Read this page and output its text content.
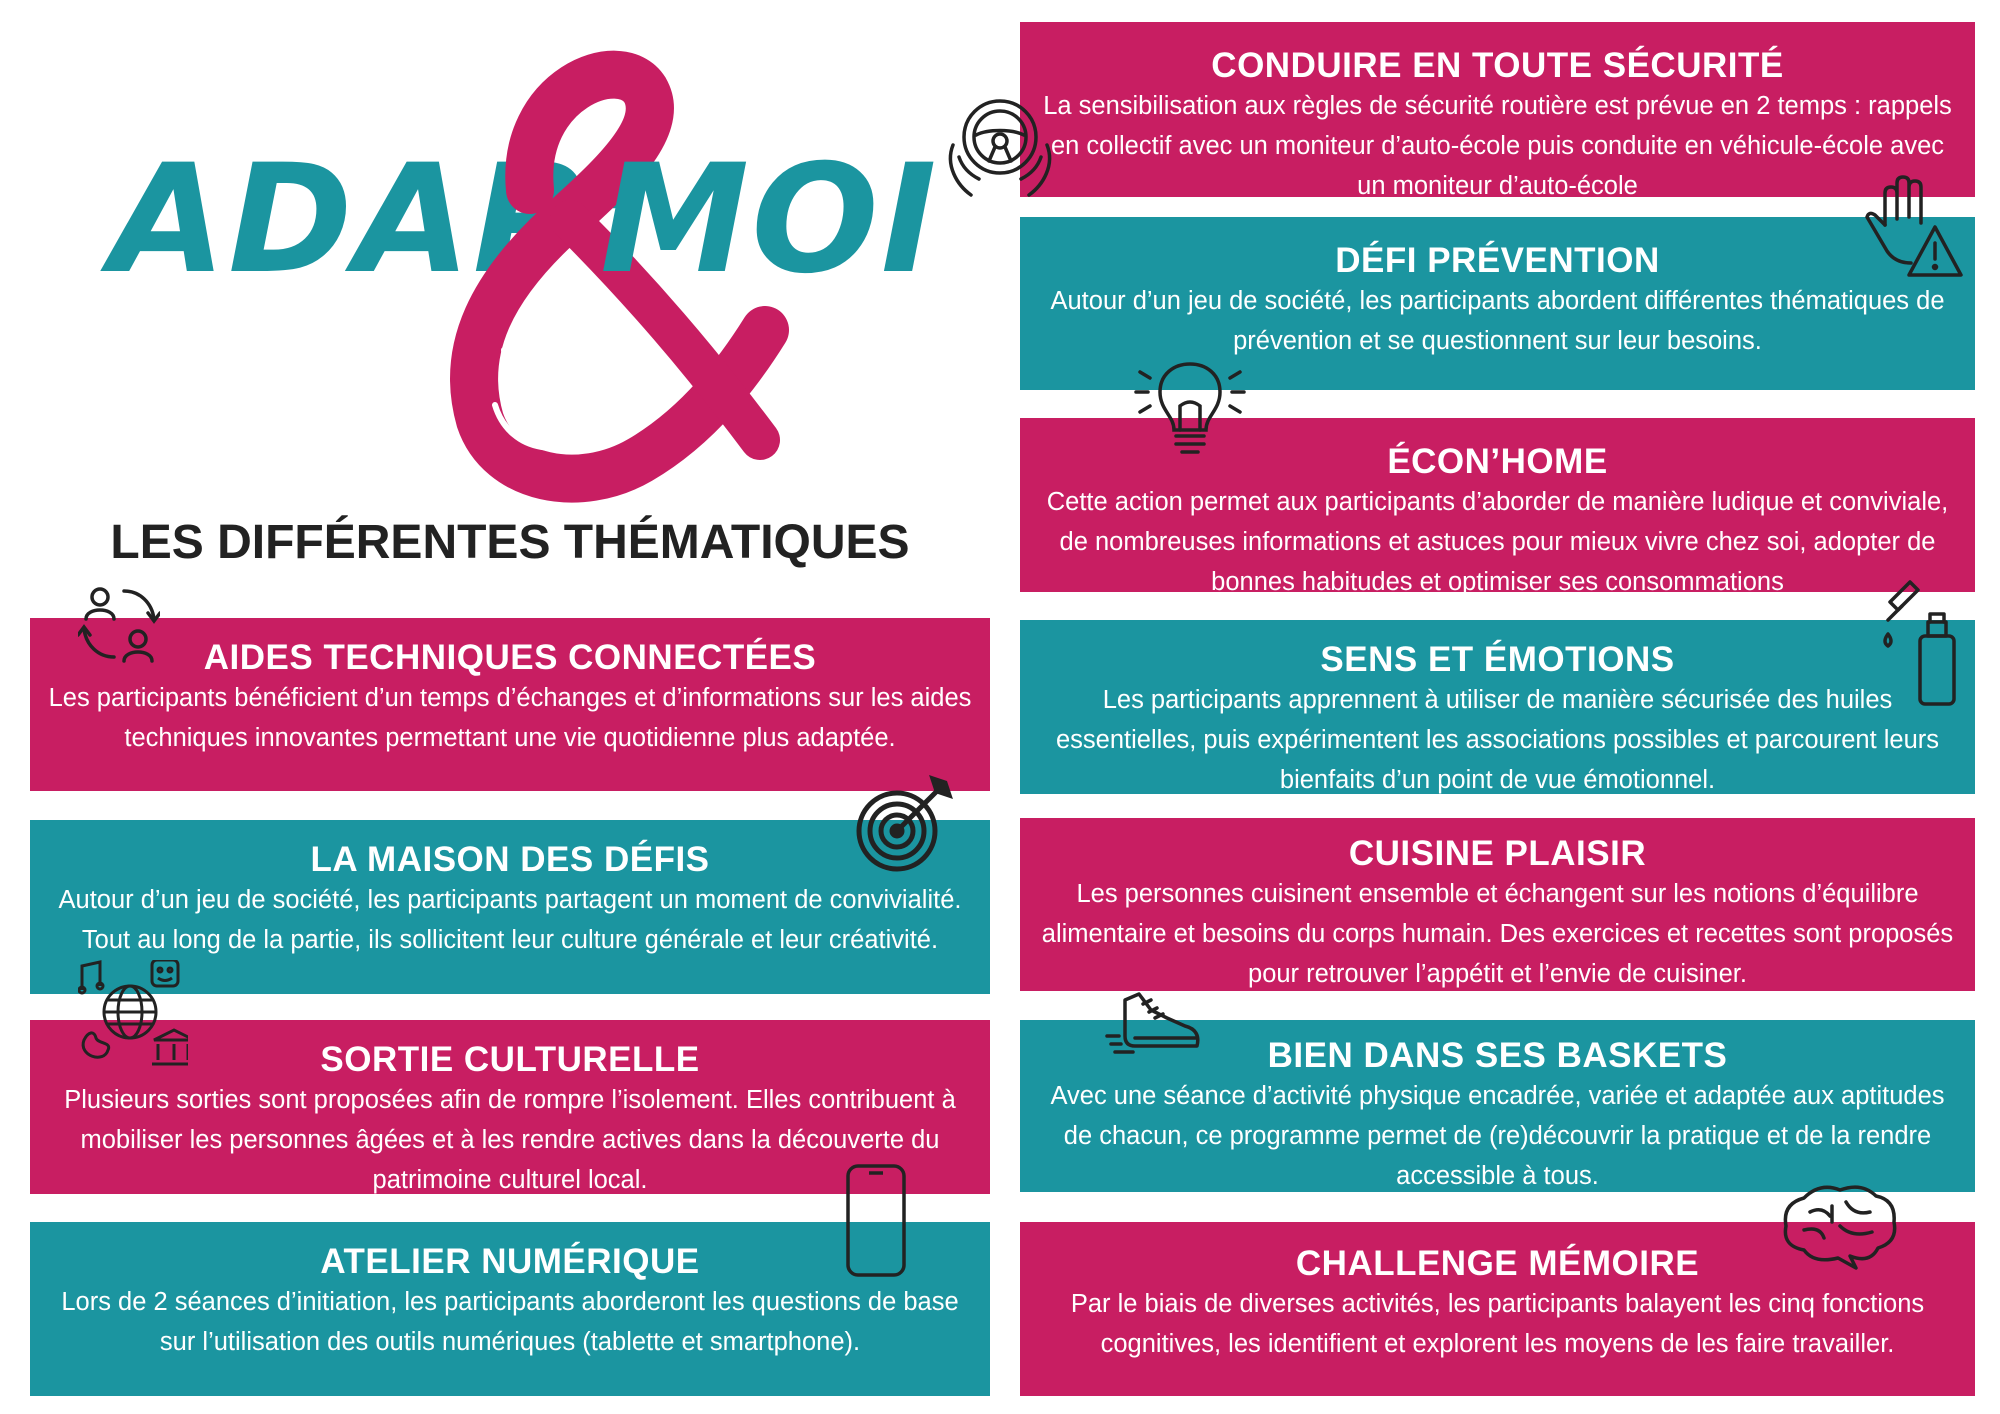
ADAP’
MOI
LES DIFFÉRENTES THÉMATIQUES
AIDES TECHNIQUES CONNECTÉES

Les participants bénéficient d’un temps d’échanges et d’informations sur les aides techniques innovantes permettant une vie quotidienne plus adaptée.

LA MAISON DES DÉFIS

Autour d’un jeu de société, les participants partagent un moment de convivialité. Tout au long de la partie, ils sollicitent leur culture générale et leur créativité.

SORTIE CULTURELLE

Plusieurs sorties sont proposées afin de rompre l’isolement. Elles contribuent à mobiliser les personnes âgées et à les rendre actives dans la découverte du patrimoine culturel local.

ATELIER NUMÉRIQUE

Lors de 2 séances d’initiation, les participants aborderont les questions de base sur l’utilisation des outils numériques (tablette et smartphone).

CONDUIRE EN TOUTE SÉCURITÉ

La sensibilisation aux règles de sécurité routière est prévue en 2 temps : rappels en collectif avec un moniteur d’auto-école puis conduite en véhicule-école avec un moniteur d’auto-école

DÉFI PRÉVENTION

Autour d’un jeu de société, les participants abordent différentes thématiques de prévention et se questionnent sur leur besoins.

ÉCON’HOME

Cette action permet aux participants d’aborder de manière ludique et conviviale, de nombreuses informations et astuces pour mieux vivre chez soi, adopter de bonnes habitudes et optimiser ses consommations

SENS ET ÉMOTIONS

Les participants apprennent à utiliser de manière sécurisée des huiles essentielles, puis expérimentent les associations possibles et parcourent leurs bienfaits d’un point de vue émotionnel.

CUISINE PLAISIR

Les personnes cuisinent ensemble et échangent sur les notions d’équilibre alimentaire et besoins du corps humain. Des exercices et recettes sont proposés pour retrouver l’appétit et l’envie de cuisiner.

BIEN DANS SES BASKETS

Avec une séance d’activité physique encadrée, variée et adaptée aux aptitudes de chacun, ce programme permet de (re)découvrir la pratique et de la rendre accessible à tous.

CHALLENGE MÉMOIRE

Par le biais de diverses activités, les participants balayent les cinq fonctions cognitives, les identifient et explorent les moyens de les faire travailler.
